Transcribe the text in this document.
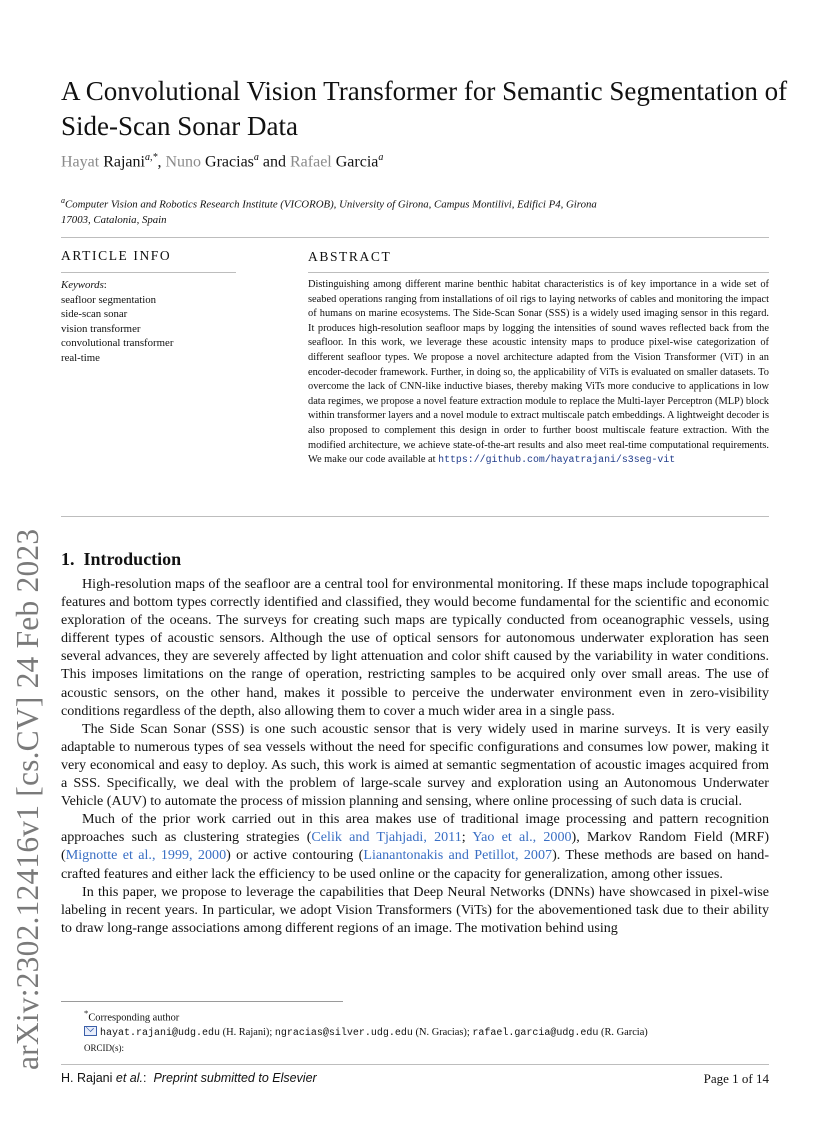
arXiv:2302.12416v1 [cs.CV] 24 Feb 2023
A Convolutional Vision Transformer for Semantic Segmentation of Side-Scan Sonar Data
Hayat Rajani$^{a,*}$, Nuno Gracias$^a$ and Rafael Garcia$^a$
$^a$Computer Vision and Robotics Research Institute (VICOROB), University of Girona, Campus Montilivi, Edifici P4, Girona 17003, Catalonia, Spain
ARTICLE INFO
Keywords:
seafloor segmentation
side-scan sonar
vision transformer
convolutional transformer
real-time
ABSTRACT
Distinguishing among different marine benthic habitat characteristics is of key importance in a wide set of seabed operations ranging from installations of oil rigs to laying networks of cables and monitoring the impact of humans on marine ecosystems. The Side-Scan Sonar (SSS) is a widely used imaging sensor in this regard. It produces high-resolution seafloor maps by logging the intensities of sound waves reflected back from the seafloor. In this work, we leverage these acoustic intensity maps to produce pixel-wise categorization of different seafloor types. We propose a novel architecture adapted from the Vision Transformer (ViT) in an encoder-decoder framework. Further, in doing so, the applicability of ViTs is evaluated on smaller datasets. To overcome the lack of CNN-like inductive biases, thereby making ViTs more conducive to applications in low data regimes, we propose a novel feature extraction module to replace the Multi-layer Perceptron (MLP) block within transformer layers and a novel module to extract multiscale patch embeddings. A lightweight decoder is also proposed to complement this design in order to further boost multiscale feature extraction. With the modified architecture, we achieve state-of-the-art results and also meet real-time computational requirements. We make our code available at https://github.com/hayatrajani/s3seg-vit
1. Introduction

High-resolution maps of the seafloor are a central tool for environmental monitoring. If these maps include topographical features and bottom types correctly identified and classified, they would become fundamental for the scientific and economic exploration of the oceans. The surveys for creating such maps are typically conducted from oceanographic vessels, using different types of acoustic sensors. Although the use of optical sensors for autonomous underwater exploration has seen several advances, they are severely affected by light attenuation and color shift caused by the variability in water conditions. This imposes limitations on the range of operation, restricting samples to be acquired only over small areas. The use of acoustic sensors, on the other hand, makes it possible to perceive the underwater environment even in zero-visibility conditions regardless of the depth, also allowing them to cover a much wider area in a single pass.

The Side Scan Sonar (SSS) is one such acoustic sensor that is very widely used in marine surveys. It is very easily adaptable to numerous types of sea vessels without the need for specific configurations and consumes low power, making it very economical and easy to deploy. As such, this work is aimed at semantic segmentation of acoustic images acquired from a SSS. Specifically, we deal with the problem of large-scale survey and exploration using an Autonomous Underwater Vehicle (AUV) to automate the process of mission planning and sensing, where online processing of such data is crucial.

Much of the prior work carried out in this area makes use of traditional image processing and pattern recognition approaches such as clustering strategies (Celik and Tjahjadi, 2011; Yao et al., 2000), Markov Random Field (MRF) (Mignotte et al., 1999, 2000) or active contouring (Lianantonakis and Petillot, 2007). These methods are based on hand-crafted features and either lack the efficiency to be used online or the capacity for generalization, among other issues.

In this paper, we propose to leverage the capabilities that Deep Neural Networks (DNNs) have showcased in pixel-wise labeling in recent years. In particular, we adopt Vision Transformers (ViTs) for the abovementioned task due to their ability to draw long-range associations among different regions of an image. The motivation behind using

*Corresponding author
hayat.rajani@udg.edu (H. Rajani); ngracias@silver.udg.edu (N. Gracias); rafael.garcia@udg.edu (R. Garcia)
ORCID(s):
H. Rajani et al.:  Preprint submitted to Elsevier	Page 1 of 14
